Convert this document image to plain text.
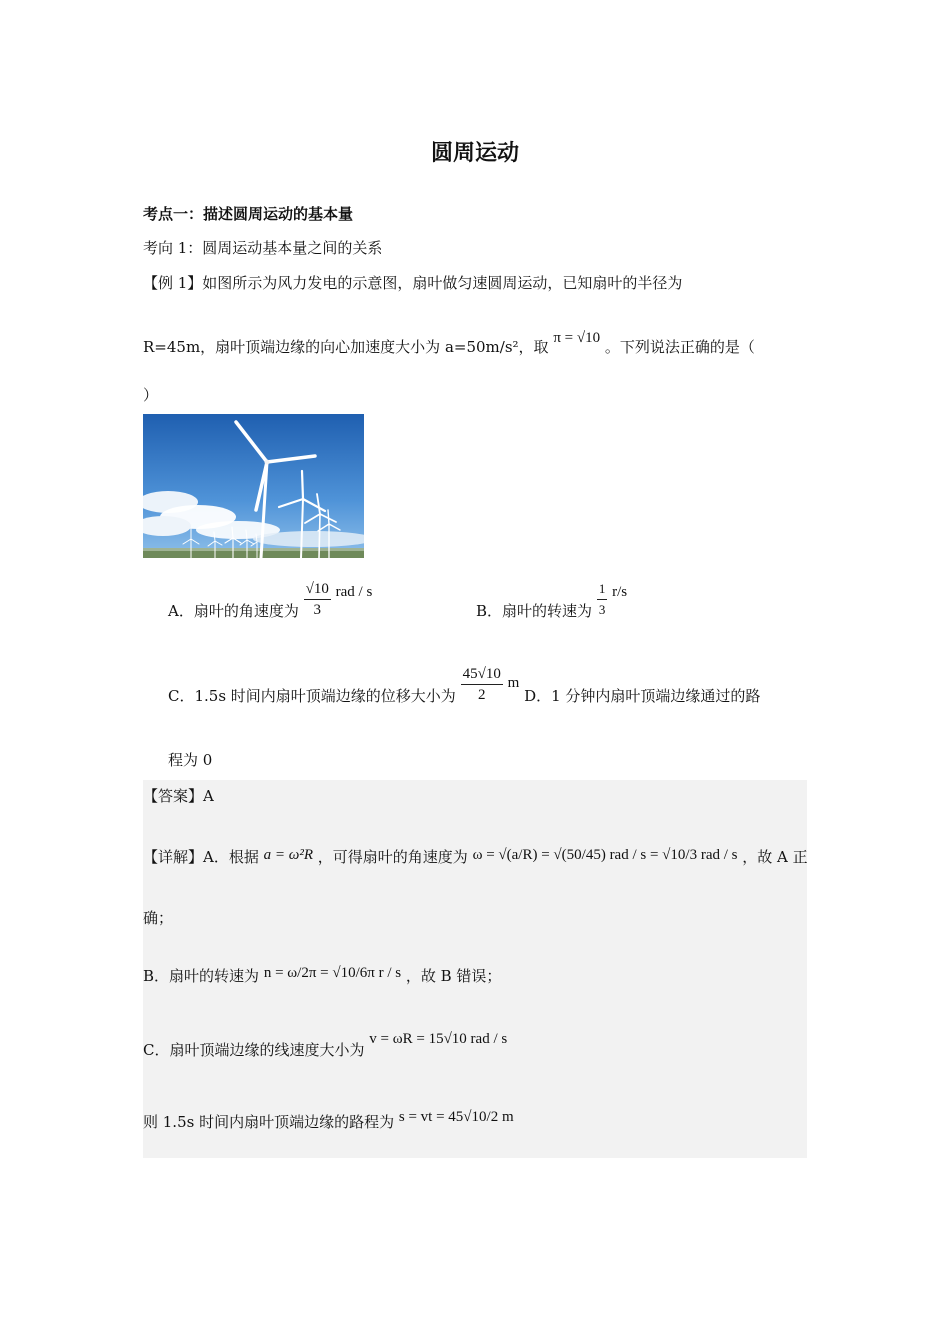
圆周运动
考点一：描述圆周运动的基本量
考向 1：圆周运动基本量之间的关系
【例 1】如图所示为风力发电的示意图，扇叶做匀速圆周运动，已知扇叶的半径为
R=45m，扇叶顶端边缘的向心加速度大小为 a=50m/s²，取 π = √10 。下列说法正确的是（
）
A．扇叶的角速度为 $\frac{√10}{3}$ rad / s
B．扇叶的转速为 $\frac{1}{3} r/s$
C．1.5s 时间内扇叶顶端边缘的位移大小为 $\frac{45√10}{2}$ m D．1 分钟内扇叶顶端边缘通过的路
程为 0
【答案】A
【详解】A．根据 a = ω²R ，可得扇叶的角速度为 ω = √(a/R) = √(50/45) rad / s = √10/3 rad / s ，故 A 正
确；
B．扇叶的转速为 n = ω/2π = √10/6π r / s ，故 B 错误；
C．扇叶顶端边缘的线速度大小为 v = ωR = 15√10 rad / s
则 1.5s 时间内扇叶顶端边缘的路程为 s = vt = 45√10/2 m
